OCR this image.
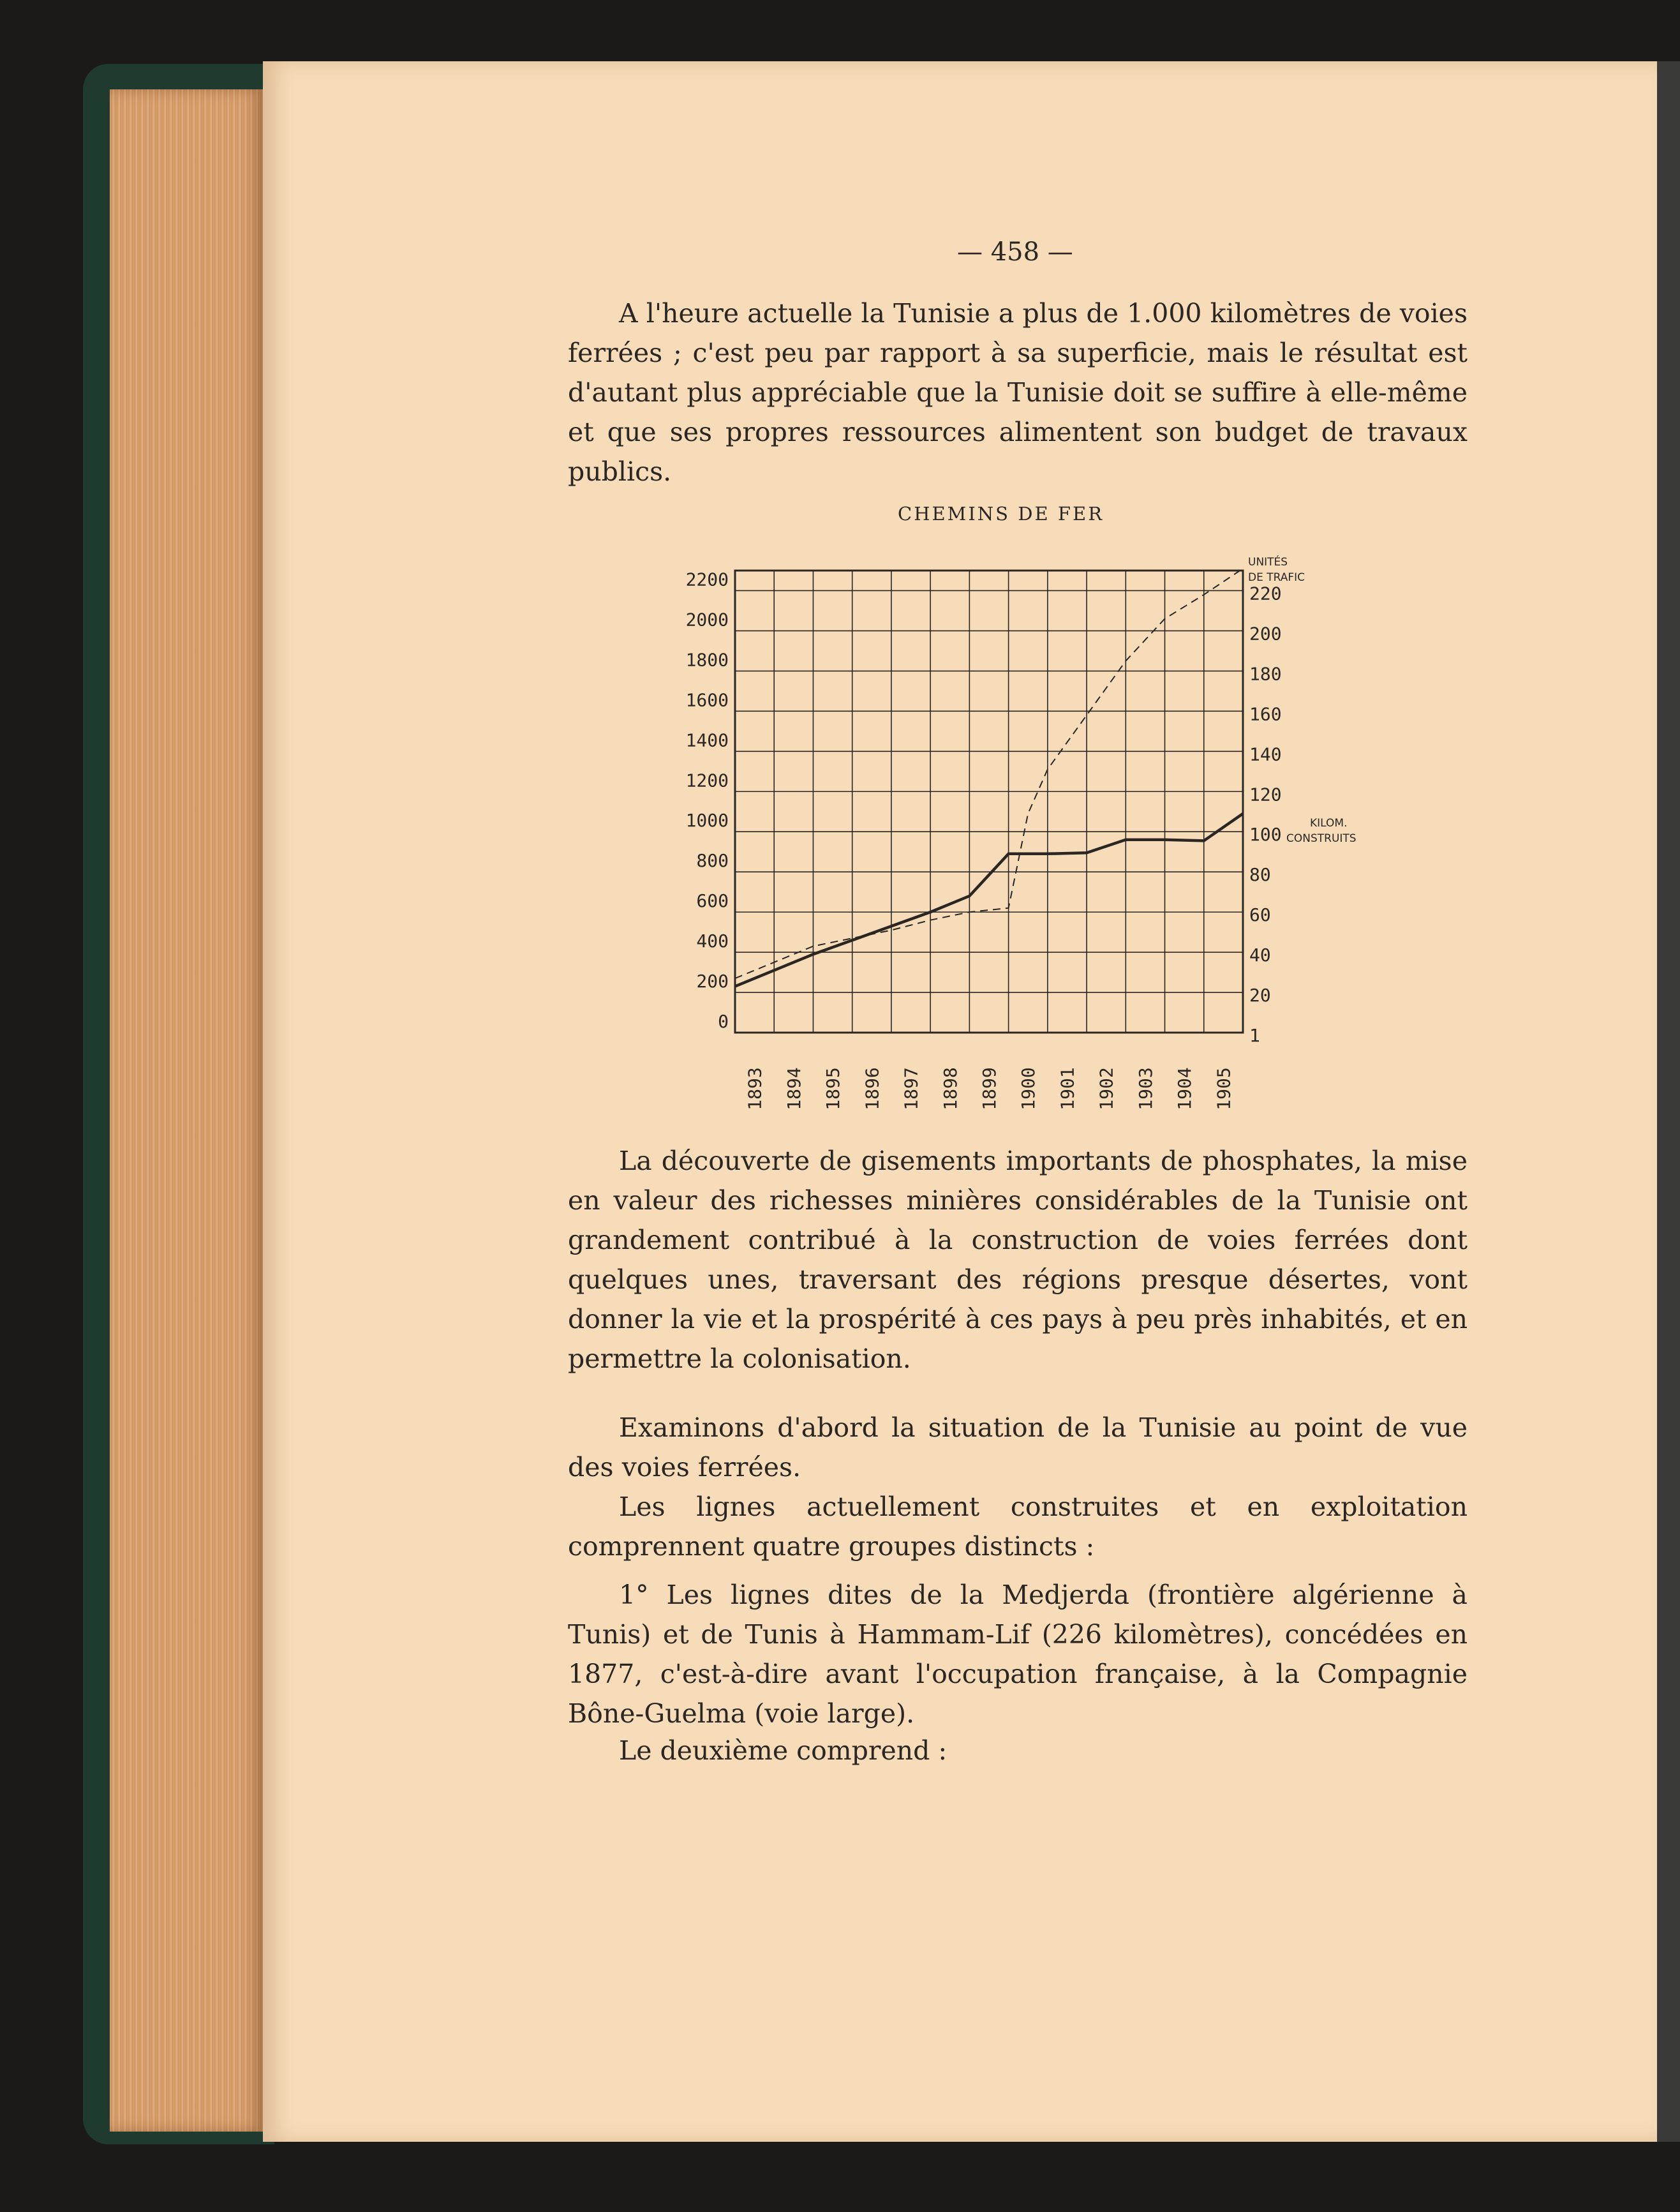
— 458 —
A l'heure actuelle la Tunisie a plus de 1.000 kilomètres de voies ferrées ; c'est peu par rapport à sa superficie, mais le résultat est d'autant plus appréciable que la Tunisie doit se suffire à elle-même et que ses propres ressources alimentent son budget de travaux publics.
CHEMINS DE FER
0
200
400
600
800
1000
1200
1400
1600
1800
2000
2200
UNITÉS
DE TRAFIC
1
20
40
60
80
100
120
140
160
180
200
220
KILOM.
CONSTRUITS
1893 1894 1895 1896 1897 1898 1899 1900 1901 1902 1903 1904 1905
La découverte de gisements importants de phosphates, la mise en valeur des richesses minières considérables de la Tunisie ont grandement contribué à la construction de voies ferrées dont quelques unes, traversant des régions presque désertes, vont donner la vie et la prospérité à ces pays à peu près inhabités, et en permettre la colonisation.
Examinons d'abord la situation de la Tunisie au point de vue des voies ferrées.
Les lignes actuellement construites et en exploitation comprennent quatre groupes distincts :
1° Les lignes dites de la Medjerda (frontière algérienne à Tunis) et de Tunis à Hammam-Lif (226 kilomètres), concédées en 1877, c'est-à-dire avant l'occupation française, à la Compagnie Bône-Guelma (voie large).
Le deuxième comprend :
